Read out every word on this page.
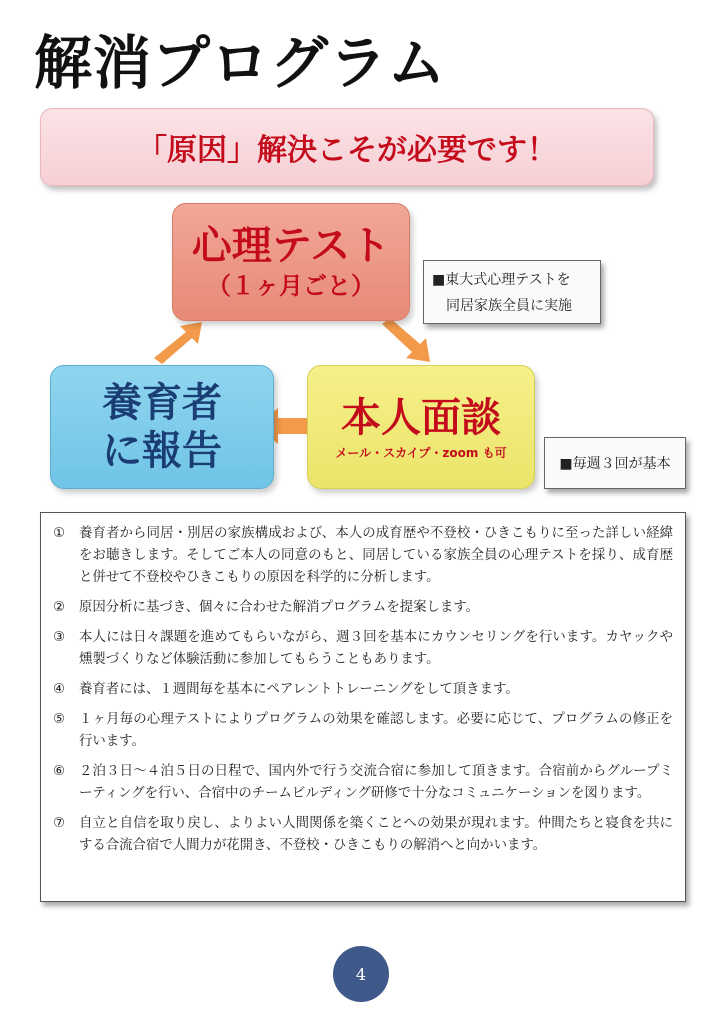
解消プログラム
「原因」解決こそが必要です！
心理テスト
（１ヶ月ごと）
養育者
に報告
本人面談
メール・スカイプ・zoom も可
■東大式心理テストを
同居家族全員に実施
■毎週３回が基本
①	養育者から同居・別居の家族構成および、本人の成育歴や不登校・ひきこもりに至った詳しい経緯をお聴きします。そしてご本人の同意のもと、同居している家族全員の心理テストを採り、成育歴と併せて不登校やひきこもりの原因を科学的に分析します。
②	原因分析に基づき、個々に合わせた解消プログラムを提案します。
③	本人には日々課題を進めてもらいながら、週３回を基本にカウンセリングを行います。カヤックや燻製づくりなど体験活動に参加してもらうこともあります。
④	養育者には、１週間毎を基本にペアレントトレーニングをして頂きます。
⑤	１ヶ月毎の心理テストによりプログラムの効果を確認します。必要に応じて、プログラムの修正を行います。
⑥	２泊３日～４泊５日の日程で、国内外で行う交流合宿に参加して頂きます。合宿前からグループミーティングを行い、合宿中のチームビルディング研修で十分なコミュニケーションを図ります。
⑦	自立と自信を取り戻し、よりよい人間関係を築くことへの効果が現れます。仲間たちと寝食を共にする合流合宿で人間力が花開き、不登校・ひきこもりの解消へと向かいます。
4
